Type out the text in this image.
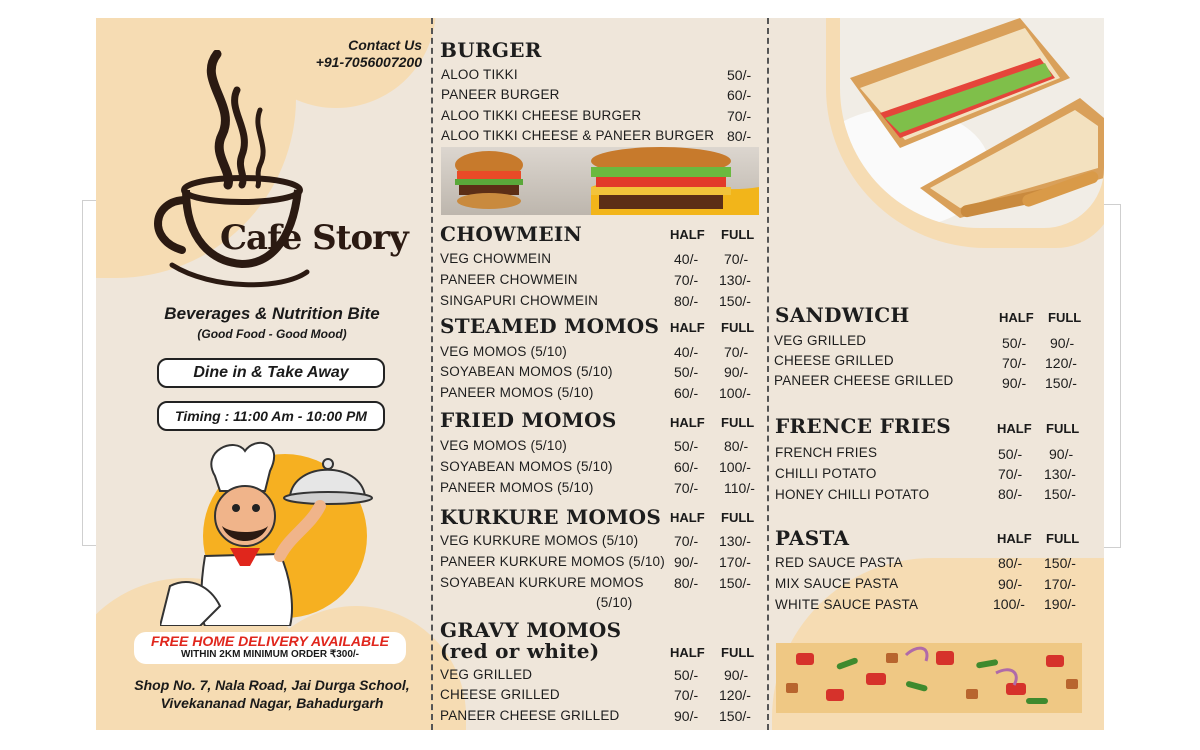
Contact Us
+91-7056007200
Cafe Story
Beverages & Nutrition Bite
(Good Food - Good Mood)
Dine in & Take Away
Timing : 11:00 Am - 10:00 PM
FREE HOME DELIVERY AVAILABLE
WITHIN 2KM MINIMUM ORDER ₹300/-
Shop No. 7, Nala Road, Jai Durga School,
Vivekananad Nagar, Bahadurgarh
BURGER
ALOO TIKKI	50/-
PANEER BURGER	60/-
ALOO TIKKI CHEESE BURGER	70/-
ALOO TIKKI CHEESE & PANEER BURGER 80/-
CHOWMEIN	HALF FULL
VEG CHOWMEIN	40/- 70/-
PANEER CHOWMEIN	70/- 130/-
SINGAPURI CHOWMEIN	80/- 150/-
STEAMED MOMOS HALF FULL
VEG MOMOS (5/10)	40/- 70/-
SOYABEAN MOMOS (5/10)	50/- 90/-
PANEER MOMOS (5/10)	60/- 100/-
FRIED MOMOS	HALF FULL
VEG MOMOS (5/10)	50/- 80/-
SOYABEAN MOMOS (5/10)	60/- 100/-
PANEER MOMOS (5/10)	70/- 110/-
KURKURE MOMOS HALF FULL
VEG KURKURE MOMOS (5/10)	70/- 130/-
PANEER KURKURE MOMOS (5/10) 90/- 170/-
SOYABEAN KURKURE MOMOS 80/- 150/-
(5/10)
GRAVY MOMOS
(red or white)	HALF FULL
VEG GRILLED	50/- 90/-
CHEESE GRILLED	70/- 120/-
PANEER CHEESE GRILLED	90/- 150/-
SANDWICH	HALF FULL
VEG GRILLED	50/- 90/-
CHEESE GRILLED	70/- 120/-
PANEER CHEESE GRILLED	90/- 150/-
FRENCE FRIES	HALF FULL
FRENCH FRIES	50/- 90/-
CHILLI POTATO	70/- 130/-
HONEY CHILLI POTATO	80/- 150/-
PASTA	HALF FULL
RED SAUCE PASTA	80/- 150/-
MIX SAUCE PASTA	90/- 170/-
WHITE SAUCE PASTA	100/- 190/-
